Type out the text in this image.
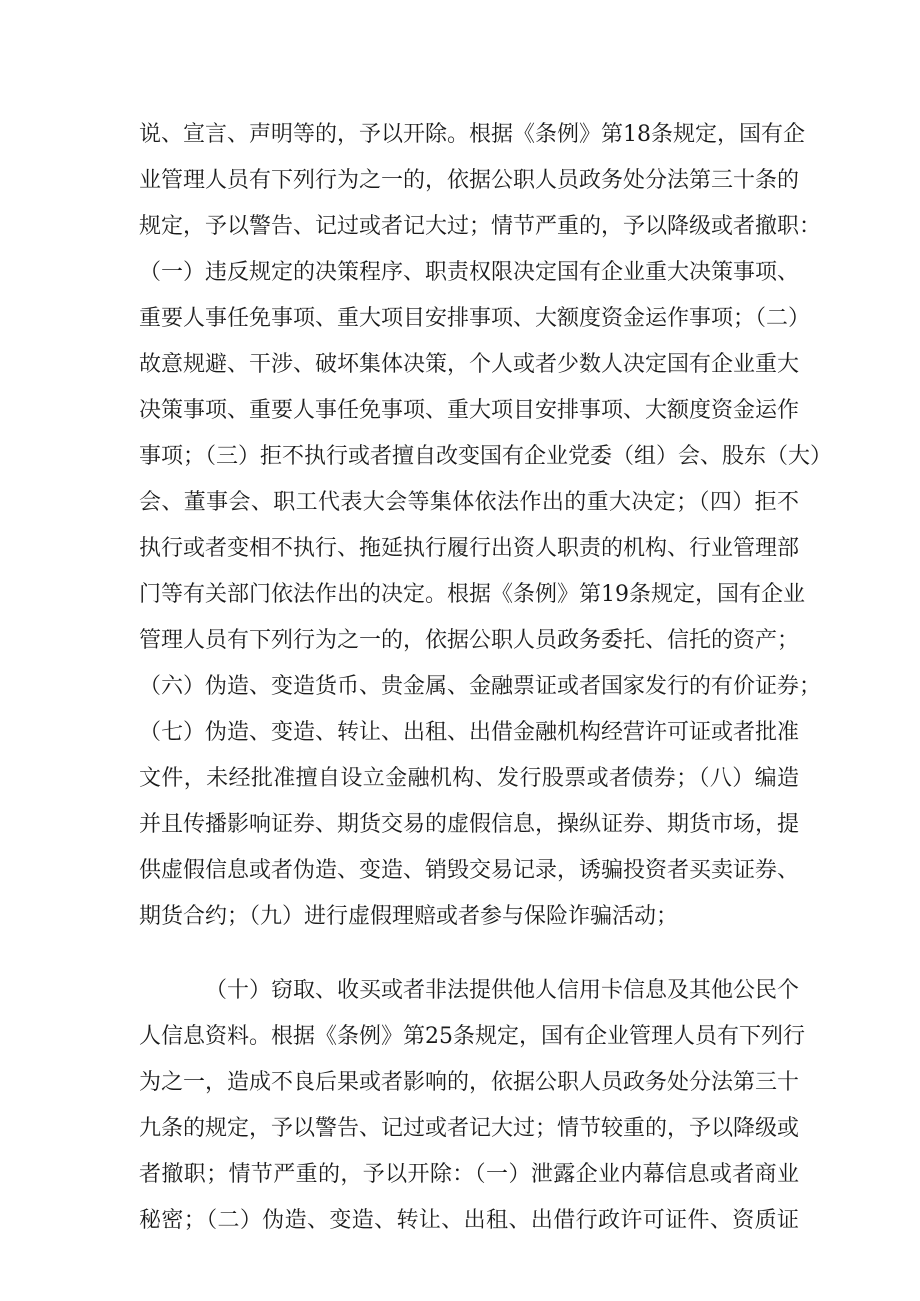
说、宣言、声明等的，予以开除。根据《条例》第18条规定，国有企
业管理人员有下列行为之一的，依据公职人员政务处分法第三十条的
规定，予以警告、记过或者记大过；情节严重的，予以降级或者撤职：
（一）违反规定的决策程序、职责权限决定国有企业重大决策事项、
重要人事任免事项、重大项目安排事项、大额度资金运作事项；（二）
故意规避、干涉、破坏集体决策，个人或者少数人决定国有企业重大
决策事项、重要人事任免事项、重大项目安排事项、大额度资金运作
事项；（三）拒不执行或者擅自改变国有企业党委（组）会、股东（大）
会、董事会、职工代表大会等集体依法作出的重大决定；（四）拒不
执行或者变相不执行、拖延执行履行出资人职责的机构、行业管理部
门等有关部门依法作出的决定。根据《条例》第19条规定，国有企业
管理人员有下列行为之一的，依据公职人员政务委托、信托的资产；
（六）伪造、变造货币、贵金属、金融票证或者国家发行的有价证券；
（七）伪造、变造、转让、出租、出借金融机构经营许可证或者批准
文件，未经批准擅自设立金融机构、发行股票或者债券；（八）编造
并且传播影响证券、期货交易的虚假信息，操纵证券、期货市场，提
供虚假信息或者伪造、变造、销毁交易记录，诱骗投资者买卖证券、
期货合约；（九）进行虚假理赔或者参与保险诈骗活动；
（十）窃取、收买或者非法提供他人信用卡信息及其他公民个
人信息资料。根据《条例》第25条规定，国有企业管理人员有下列行
为之一，造成不良后果或者影响的，依据公职人员政务处分法第三十
九条的规定，予以警告、记过或者记大过；情节较重的，予以降级或
者撤职；情节严重的，予以开除：（一）泄露企业内幕信息或者商业
秘密；（二）伪造、变造、转让、出租、出借行政许可证件、资质证
